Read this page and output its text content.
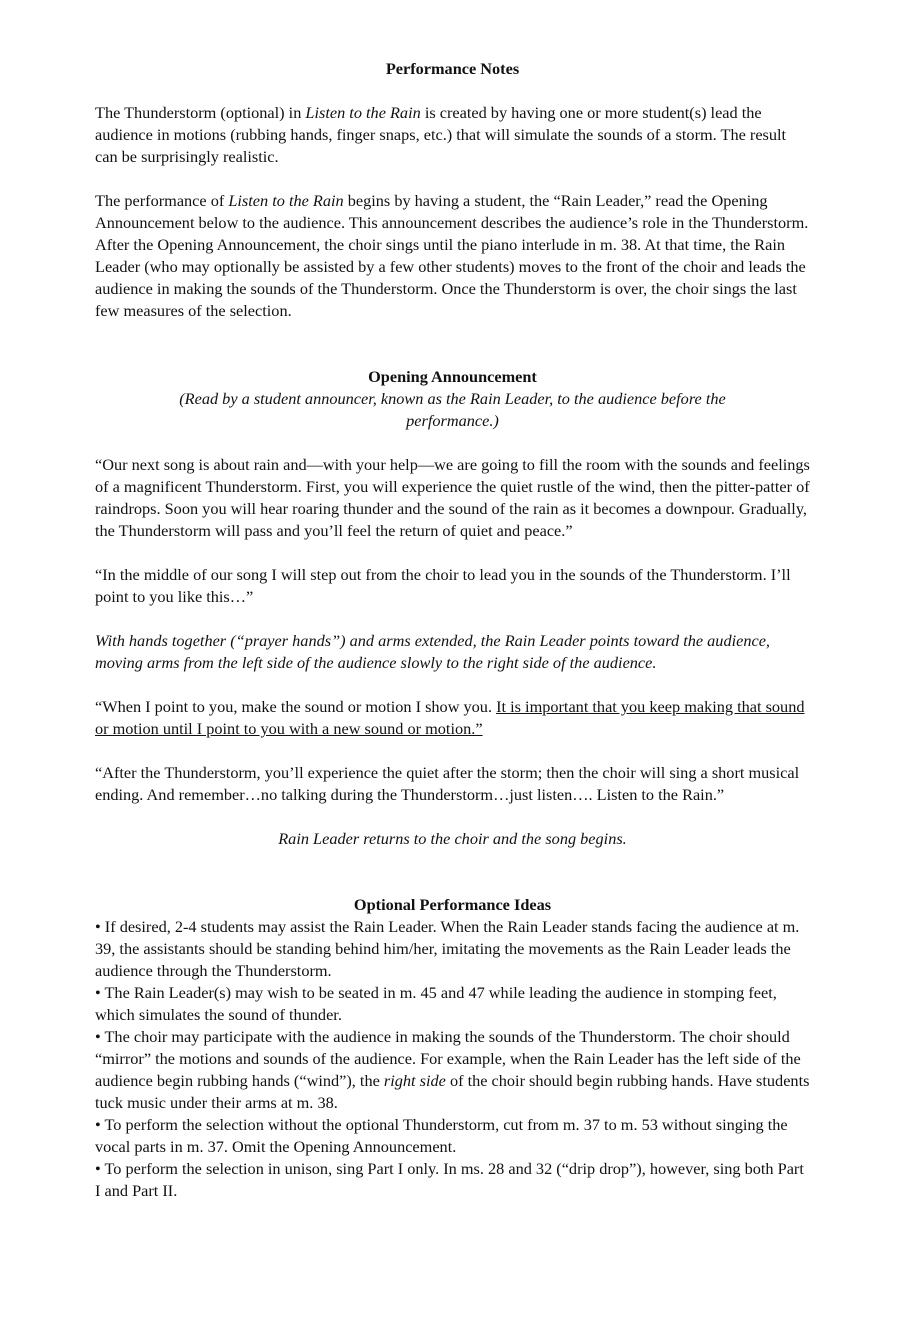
Performance Notes

The Thunderstorm (optional) in Listen to the Rain is created by having one or more student(s) lead the audience in motions (rubbing hands, finger snaps, etc.) that will simulate the sounds of a storm. The result can be surprisingly realistic.

The performance of Listen to the Rain begins by having a student, the “Rain Leader,” read the Opening Announcement below to the audience. This announcement describes the audience’s role in the Thunderstorm. After the Opening Announcement, the choir sings until the piano interlude in m. 38. At that time, the Rain Leader (who may optionally be assisted by a few other students) moves to the front of the choir and leads the audience in making the sounds of the Thunderstorm. Once the Thunderstorm is over, the choir sings the last few measures of the selection.

Opening Announcement

(Read by a student announcer, known as the Rain Leader, to the audience before the performance.)

“Our next song is about rain and—with your help—we are going to fill the room with the sounds and feelings of a magnificent Thunderstorm. First, you will experience the quiet rustle of the wind, then the pitter-patter of raindrops. Soon you will hear roaring thunder and the sound of the rain as it becomes a downpour. Gradually, the Thunderstorm will pass and you’ll feel the return of quiet and peace.”

“In the middle of our song I will step out from the choir to lead you in the sounds of the Thunderstorm. I’ll point to you like this…”

With hands together (“prayer hands”) and arms extended, the Rain Leader points toward the audience, moving arms from the left side of the audience slowly to the right side of the audience.

“When I point to you, make the sound or motion I show you. It is important that you keep making that sound or motion until I point to you with a new sound or motion.”

“After the Thunderstorm, you’ll experience the quiet after the storm; then the choir will sing a short musical ending. And remember…no talking during the Thunderstorm…just listen…. Listen to the Rain.”

Rain Leader returns to the choir and the song begins.

Optional Performance Ideas

• If desired, 2-4 students may assist the Rain Leader. When the Rain Leader stands facing the audience at m. 39, the assistants should be standing behind him/her, imitating the movements as the Rain Leader leads the audience through the Thunderstorm.

• The Rain Leader(s) may wish to be seated in m. 45 and 47 while leading the audience in stomping feet, which simulates the sound of thunder.

• The choir may participate with the audience in making the sounds of the Thunderstorm. The choir should “mirror” the motions and sounds of the audience. For example, when the Rain Leader has the left side of the audience begin rubbing hands (“wind”), the right side of the choir should begin rubbing hands. Have students tuck music under their arms at m. 38.

• To perform the selection without the optional Thunderstorm, cut from m. 37 to m. 53 without singing the vocal parts in m. 37. Omit the Opening Announcement.

• To perform the selection in unison, sing Part I only. In ms. 28 and 32 (“drip drop”), however, sing both Part I and Part II.
